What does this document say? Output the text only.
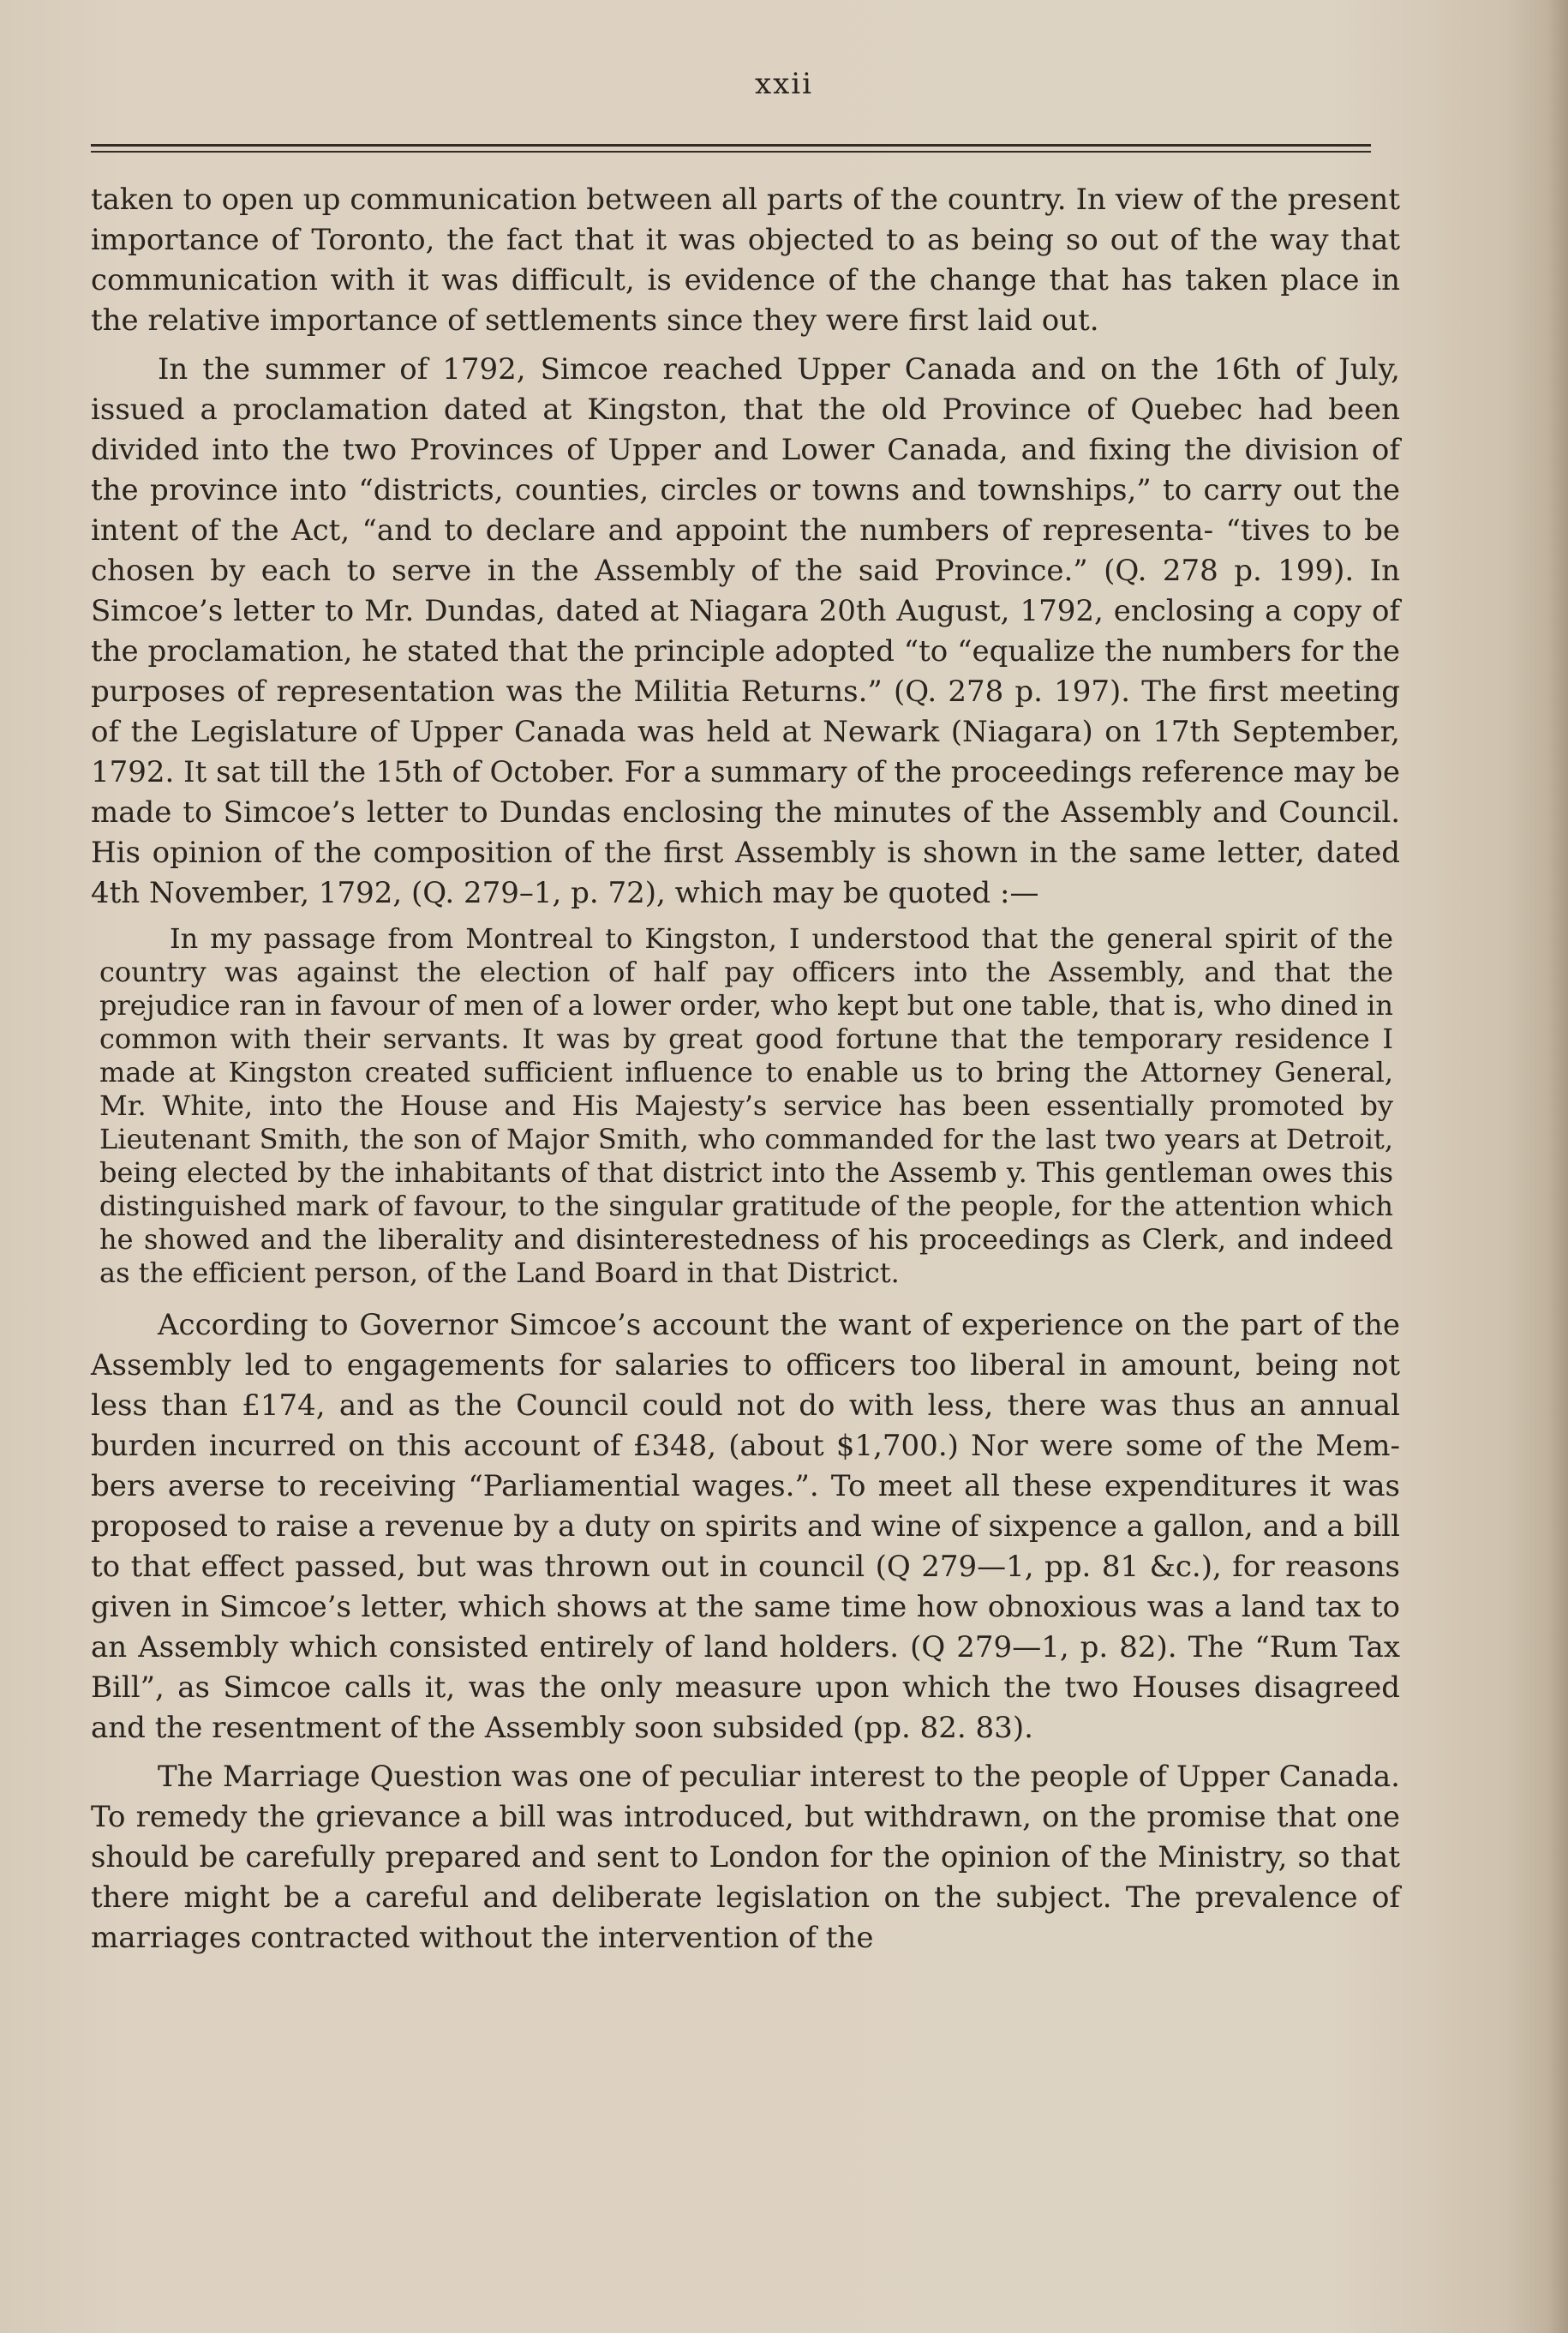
xxii

taken to open up communication between all parts of the country. In view of the present importance of Toronto, the fact that it was objected to as being so out of the way that communication with it was difficult, is evidence of the change that has taken place in the relative importance of settlements since they were first laid out.

In the summer of 1792, Simcoe reached Upper Canada and on the 16th of July, issued a proclamation dated at Kingston, that the old Province of Quebec had been divided into the two Provinces of Upper and Lower Canada, and fixing the division of the province into “districts, counties, circles or towns and townships,” to carry out the intent of the Act, “and to declare and appoint the numbers of representa- “tives to be chosen by each to serve in the Assembly of the said Province.” (Q. 278 p. 199). In Simcoe’s letter to Mr. Dundas, dated at Niagara 20th August, 1792, enclosing a copy of the proclamation, he stated that the principle adopted “to “equalize the numbers for the purposes of representation was the Militia Returns.” (Q. 278 p. 197). The first meeting of the Legislature of Upper Canada was held at Newark (Niagara) on 17th September, 1792. It sat till the 15th of October. For a summary of the proceedings reference may be made to Simcoe’s letter to Dundas enclosing the minutes of the Assembly and Council. His opinion of the composition of the first Assembly is shown in the same letter, dated 4th November, 1792, (Q. 279–1, p. 72), which may be quoted :—

In my passage from Montreal to Kingston, I understood that the general spirit of the country was against the election of half pay officers into the Assembly, and that the prejudice ran in favour of men of a lower order, who kept but one table, that is, who dined in common with their servants. It was by great good fortune that the temporary residence I made at Kingston created sufficient influence to enable us to bring the Attorney General, Mr. White, into the House and His Majesty’s service has been essentially promoted by Lieutenant Smith, the son of Major Smith, who commanded for the last two years at Detroit, being elected by the inhabitants of that district into the Assemb y. This gentleman owes this distinguished mark of favour, to the singular gratitude of the people, for the attention which he showed and the liberality and disinterestedness of his proceedings as Clerk, and indeed as the efficient person, of the Land Board in that District.

According to Governor Simcoe’s account the want of experience on the part of the Assembly led to engagements for salaries to officers too liberal in amount, being not less than £174, and as the Council could not do with less, there was thus an annual burden incurred on this account of £348, (about $1,700.) Nor were some of the Mem- bers averse to receiving “Parliamential wages.”. To meet all these expenditures it was proposed to raise a revenue by a duty on spirits and wine of sixpence a gallon, and a bill to that effect passed, but was thrown out in council (Q 279—1, pp. 81 &c.), for reasons given in Simcoe’s letter, which shows at the same time how obnoxious was a land tax to an Assembly which consisted entirely of land holders. (Q 279—1, p. 82). The “Rum Tax Bill”, as Simcoe calls it, was the only measure upon which the two Houses disagreed and the resentment of the Assembly soon subsided (pp. 82. 83).

The Marriage Question was one of peculiar interest to the people of Upper Canada. To remedy the grievance a bill was introduced, but withdrawn, on the promise that one should be carefully prepared and sent to London for the opinion of the Ministry, so that there might be a careful and deliberate legislation on the subject. The prevalence of marriages contracted without the intervention of the
